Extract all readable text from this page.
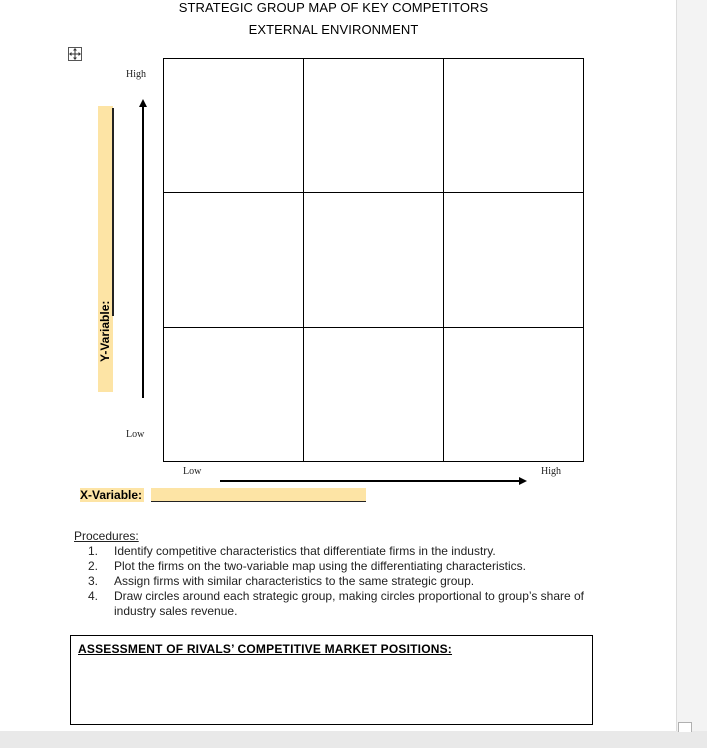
STRATEGIC GROUP MAP OF KEY COMPETITORS
EXTERNAL ENVIRONMENT
High
Low
Y-Variable:
Low	High
X-Variable:
Procedures:
1.	Identify competitive characteristics that differentiate firms in the industry.
2.	Plot the firms on the two-variable map using the differentiating characteristics.
3.	Assign firms with similar characteristics to the same strategic group.
4.	Draw circles around each strategic group, making circles proportional to group’s share of industry sales revenue.
ASSESSMENT OF RIVALS’ COMPETITIVE MARKET POSITIONS:
